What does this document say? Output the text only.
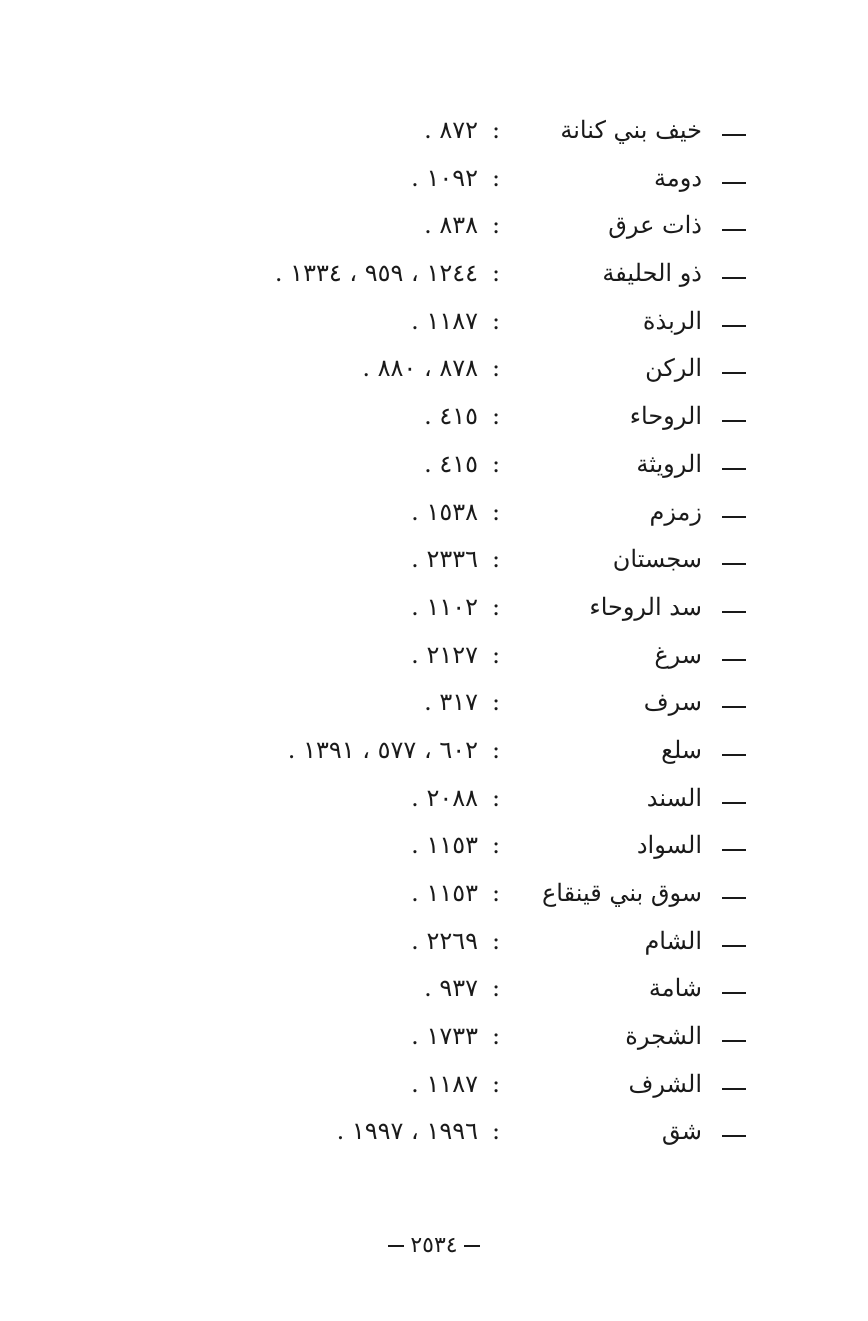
خيف بني كنانة
:
٨٧٢ .
دومة
:
١٠٩٢ .
ذات عرق
:
٨٣٨ .
ذو الحليفة
:
١٢٤٤ ، ٩٥٩ ، ١٣٣٤ .
الربذة
:
١١٨٧ .
الركن
:
٨٧٨ ، ٨٨٠ .
الروحاء
:
٤١٥ .
الرويثة
:
٤١٥ .
زمزم
:
١٥٣٨ .
سجستان
:
٢٣٣٦ .
سد الروحاء
:
١١٠٢ .
سرغ
:
٢١٢٧ .
سرف
:
٣١٧ .
سلع
:
٦٠٢ ، ٥٧٧ ، ١٣٩١ .
السند
:
٢٠٨٨ .
السواد
:
١١٥٣ .
سوق بني قينقاع
:
١١٥٣ .
الشام
:
٢٢٦٩ .
شامة
:
٩٣٧ .
الشجرة
:
١٧٣٣ .
الشرف
:
١١٨٧ .
شق
:
١٩٩٦ ، ١٩٩٧ .
٢٥٣٤
